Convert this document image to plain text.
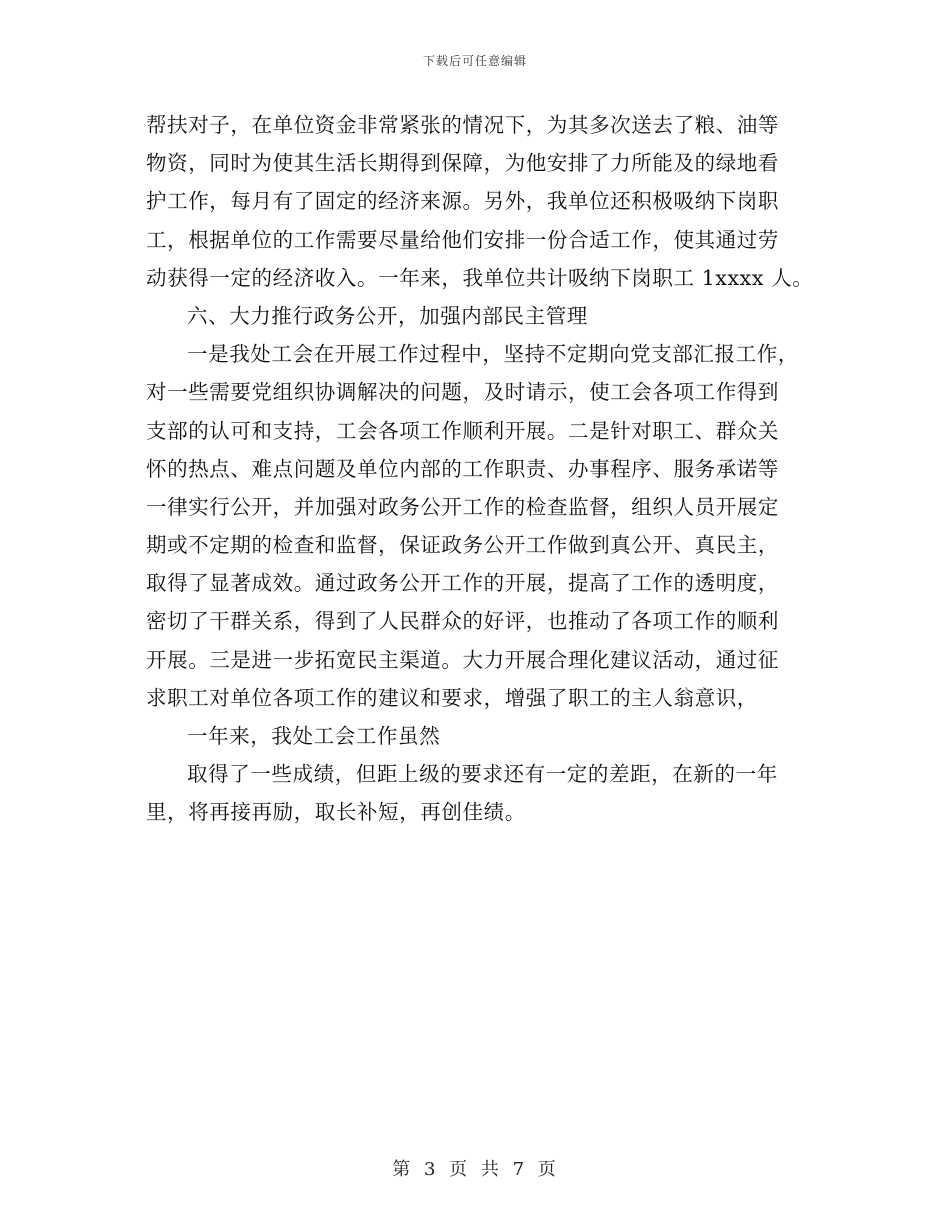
下载后可任意编辑
帮扶对子，在单位资金非常紧张的情况下，为其多次送去了粮、油等
物资，同时为使其生活长期得到保障，为他安排了力所能及的绿地看
护工作，每月有了固定的经济来源。另外，我单位还积极吸纳下岗职
工，根据单位的工作需要尽量给他们安排一份合适工作，使其通过劳
动获得一定的经济收入。一年来，我单位共计吸纳下岗职工 1xxxx 人。
六、大力推行政务公开，加强内部民主管理
一是我处工会在开展工作过程中，坚持不定期向党支部汇报工作，
对一些需要党组织协调解决的问题，及时请示，使工会各项工作得到
支部的认可和支持，工会各项工作顺利开展。二是针对职工、群众关
怀的热点、难点问题及单位内部的工作职责、办事程序、服务承诺等
一律实行公开，并加强对政务公开工作的检查监督，组织人员开展定
期或不定期的检查和监督，保证政务公开工作做到真公开、真民主，
取得了显著成效。通过政务公开工作的开展，提高了工作的透明度，
密切了干群关系，得到了人民群众的好评，也推动了各项工作的顺利
开展。三是进一步拓宽民主渠道。大力开展合理化建议活动，通过征
求职工对单位各项工作的建议和要求，增强了职工的主人翁意识，
一年来，我处工会工作虽然
取得了一些成绩，但距上级的要求还有一定的差距，在新的一年
里，将再接再励，取长补短，再创佳绩。
第 3 页 共 7 页
